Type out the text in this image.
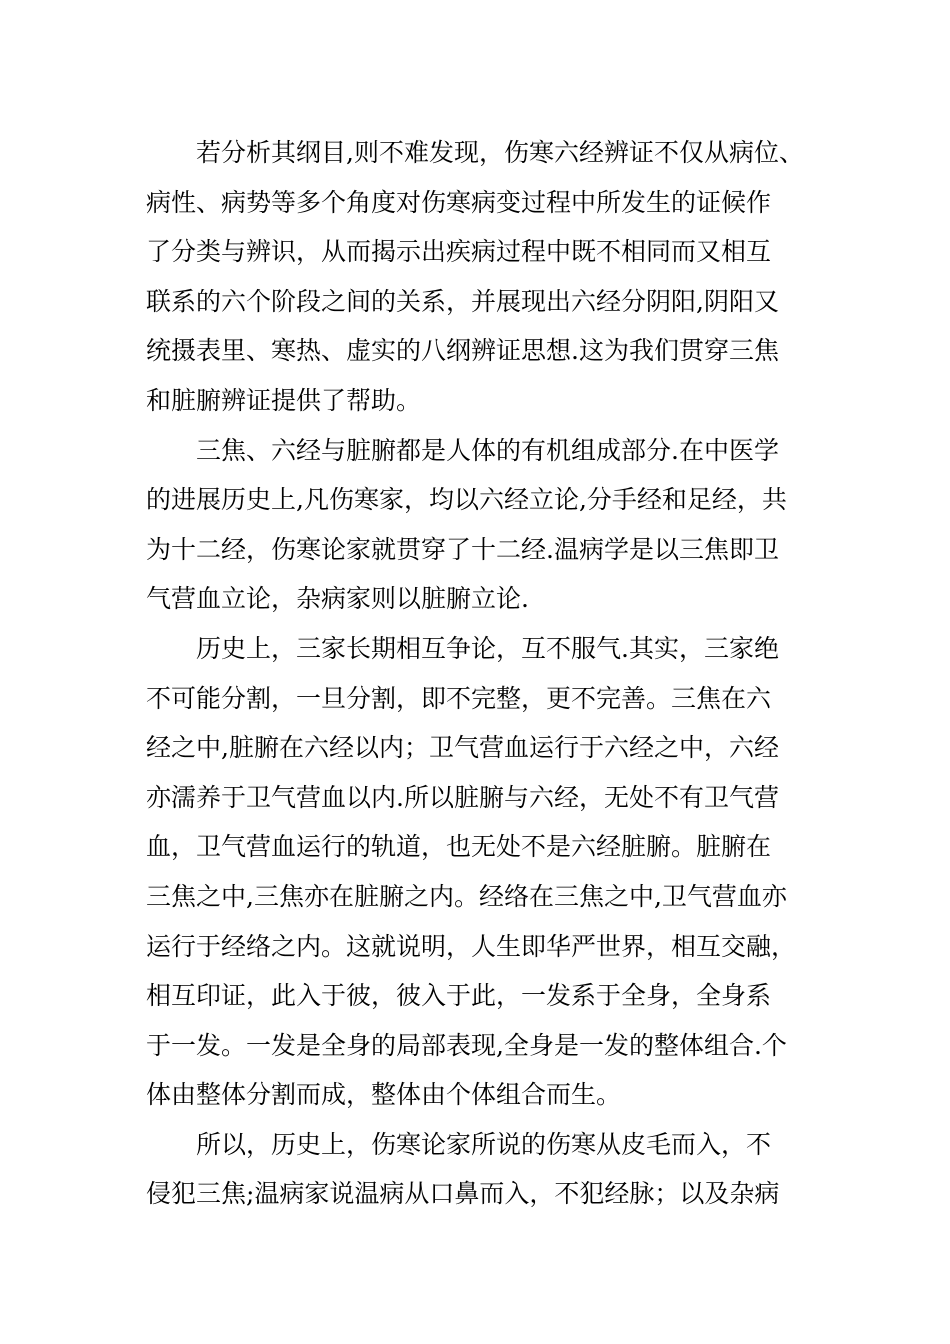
若分析其纲目,则不难发现，伤寒六经辨证不仅从病位、
病性、病势等多个角度对伤寒病变过程中所发生的证候作
了分类与辨识，从而揭示出疾病过程中既不相同而又相互
联系的六个阶段之间的关系，并展现出六经分阴阳,阴阳又
统摄表里、寒热、虚实的八纲辨证思想.这为我们贯穿三焦
和脏腑辨证提供了帮助。
三焦、六经与脏腑都是人体的有机组成部分.在中医学
的进展历史上,凡伤寒家，均以六经立论,分手经和足经，共
为十二经，伤寒论家就贯穿了十二经.温病学是以三焦即卫
气营血立论，杂病家则以脏腑立论.
历史上，三家长期相互争论，互不服气.其实，三家绝
不可能分割，一旦分割，即不完整，更不完善。三焦在六
经之中,脏腑在六经以内；卫气营血运行于六经之中，六经
亦濡养于卫气营血以内.所以脏腑与六经，无处不有卫气营
血，卫气营血运行的轨道，也无处不是六经脏腑。脏腑在
三焦之中,三焦亦在脏腑之内。经络在三焦之中,卫气营血亦
运行于经络之内。这就说明，人生即华严世界，相互交融，
相互印证，此入于彼，彼入于此，一发系于全身，全身系
于一发。一发是全身的局部表现,全身是一发的整体组合.个
体由整体分割而成，整体由个体组合而生。
所以，历史上，伤寒论家所说的伤寒从皮毛而入，不
侵犯三焦;温病家说温病从口鼻而入，不犯经脉；以及杂病
